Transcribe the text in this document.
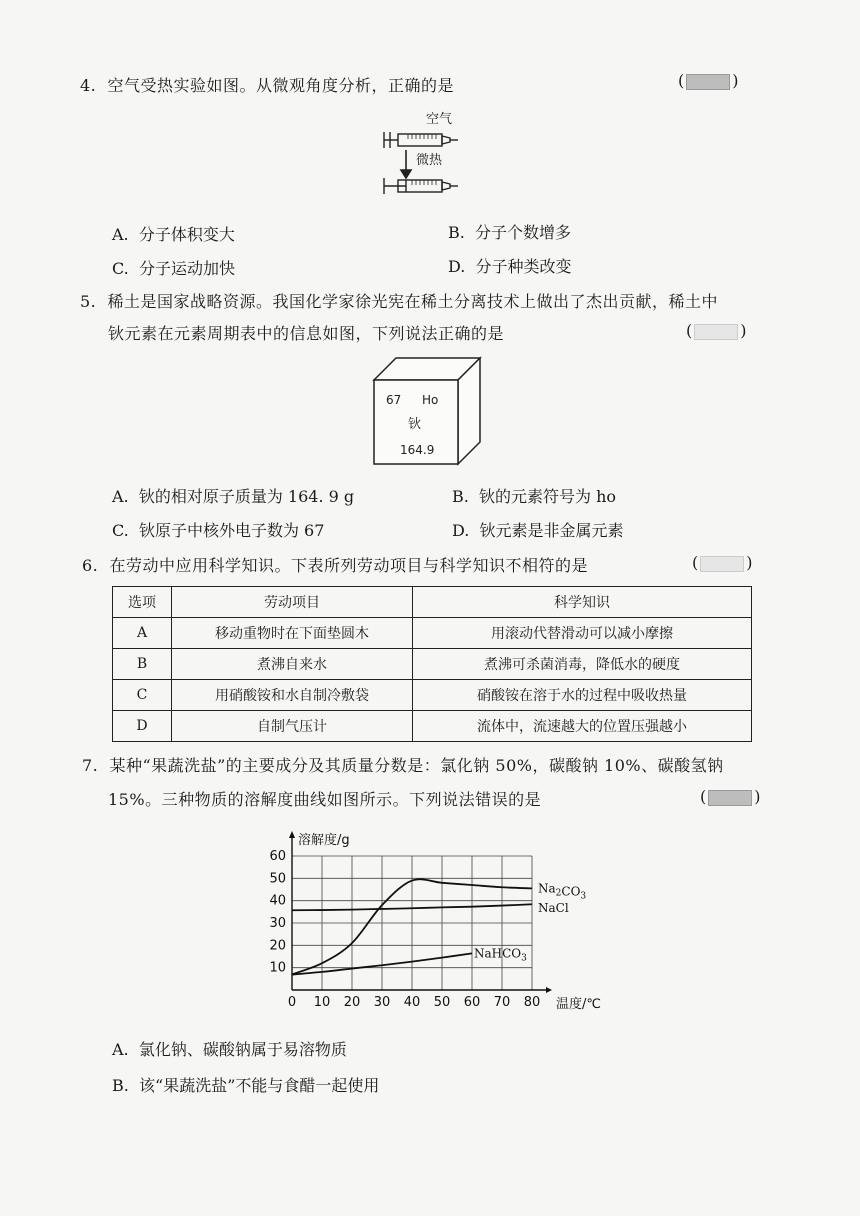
4. 空气受热实验如图。从微观角度分析，正确的是	(	)
空气
微热
A. 分子体积变大	B. 分子个数增多
C. 分子运动加快	D. 分子种类改变
5. 稀土是国家战略资源。我国化学家徐光宪在稀土分离技术上做出了杰出贡献，稀土中
钬元素在元素周期表中的信息如图，下列说法正确的是	(	)
67 Ho
钬
164.9
A. 钬的相对原子质量为 164. 9 g	B. 钬的元素符号为 ho
C. 钬原子中核外电子数为 67	D. 钬元素是非金属元素
6. 在劳动中应用科学知识。下表所列劳动项目与科学知识不相符的是	(	)
选项	劳动项目	科学知识
A	移动重物时在下面垫圆木	用滚动代替滑动可以减小摩擦
B	煮沸自来水	煮沸可杀菌消毒，降低水的硬度
C	用硝酸铵和水自制冷敷袋	硝酸铵在溶于水的过程中吸收热量
D	自制气压计	流体中，流速越大的位置压强越小
7. 某种“果蔬洗盐”的主要成分及其质量分数是：氯化钠 50%，碳酸钠 10%、碳酸氢钠
15%。三种物质的溶解度曲线如图所示。下列说法错误的是	(	)
0 10 20 30 40 50 60 70 80
10
20
30
40
50
60
溶解度/g
温度/℃
$Na_2CO_3$
NaCl
NaHCO$_3$
A. 氯化钠、碳酸钠属于易溶物质
B. 该“果蔬洗盐”不能与食醋一起使用
